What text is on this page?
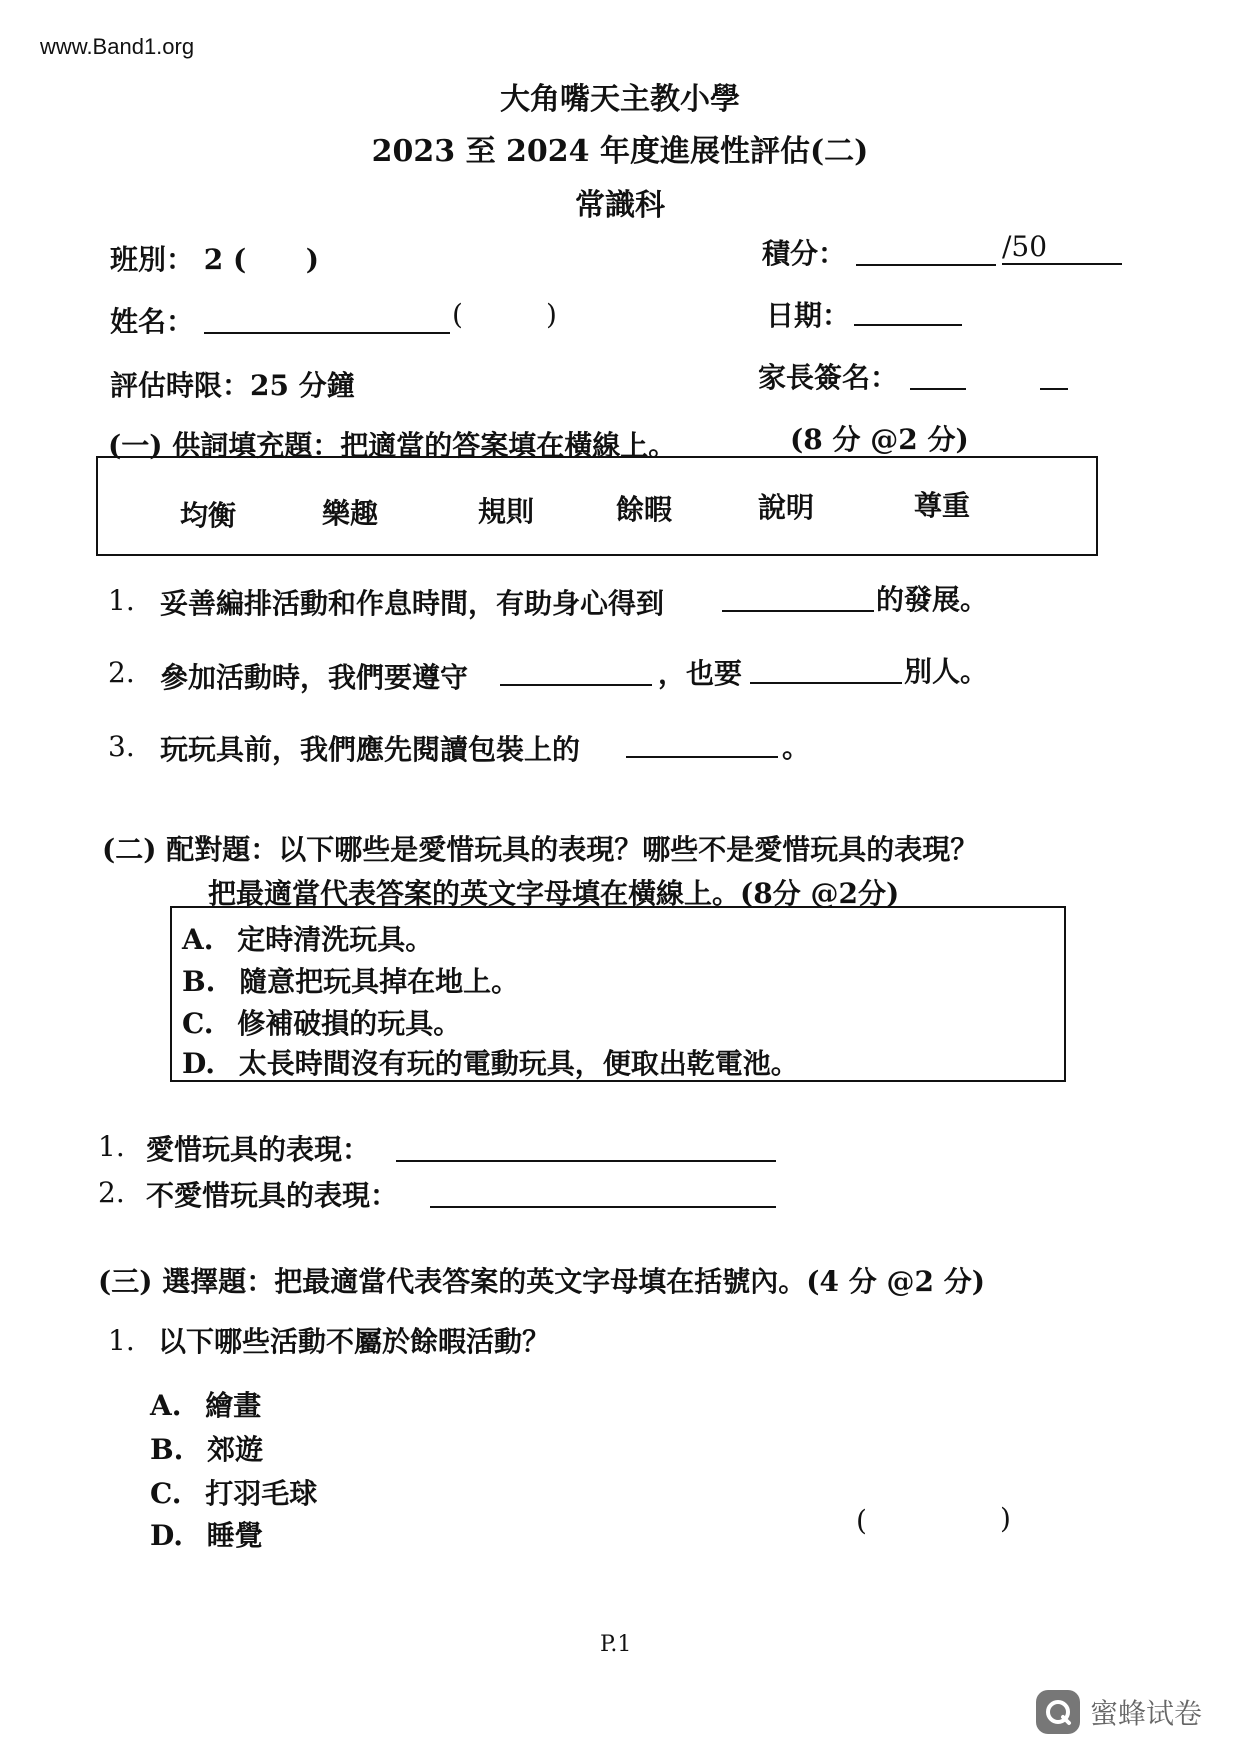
www.Band1.org
大角嘴天主教小學
2023 至 2024 年度進展性評估(二)
常識科
班別： 2 ( )	積分：	/50
姓名：	(	)	日期：
評估時限：25 分鐘	家長簽名：
(一) 供詞填充題：把適當的答案填在橫線上。	(8 分 @2 分)
均衡	樂趣	規則	餘暇	說明	尊重
1. 妥善編排活動和作息時間，有助身心得到	的發展。
2. 參加活動時，我們要遵守	，也要	別人。
3. 玩玩具前，我們應先閱讀包裝上的	。
(二) 配對題：以下哪些是愛惜玩具的表現？哪些不是愛惜玩具的表現？
把最適當代表答案的英文字母填在橫線上。(8分 @2分)
A. 定時清洗玩具。
B. 隨意把玩具掉在地上。
C. 修補破損的玩具。
D. 太長時間沒有玩的電動玩具，便取出乾電池。
1. 愛惜玩具的表現：
2. 不愛惜玩具的表現：
(三) 選擇題：把最適當代表答案的英文字母填在括號內。(4 分 @2 分)
1. 以下哪些活動不屬於餘暇活動？
A. 繪畫
B. 郊遊
C. 打羽毛球
D. 睡覺	(	)
P.1
蜜蜂试卷
